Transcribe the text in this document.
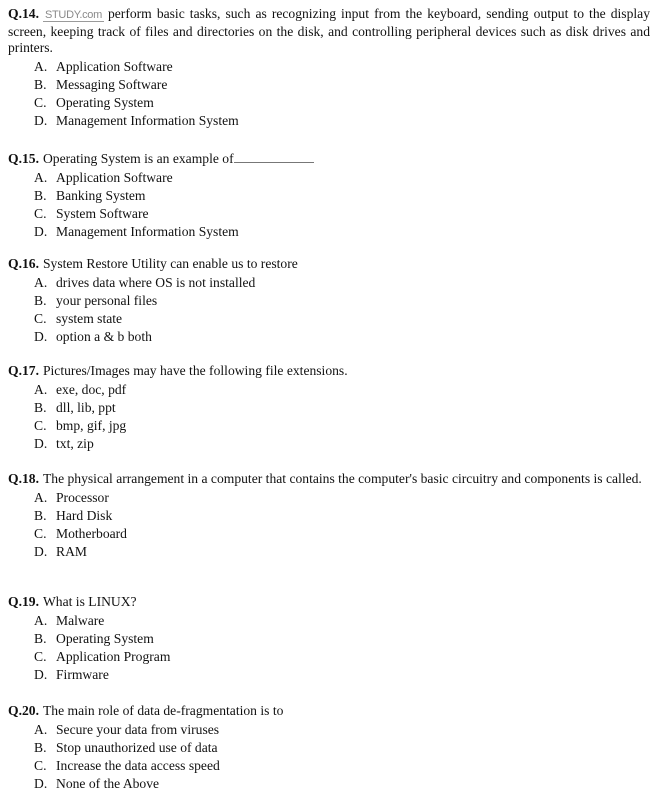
Q.14. STUDY.com perform basic tasks, such as recognizing input from the keyboard, sending output to the display screen, keeping track of files and directories on the disk, and controlling peripheral devices such as disk drives and printers.
A. Application Software
B. Messaging Software
C. Operating System
D. Management Information System
Q.15. Operating System is an example of
A. Application Software
B. Banking System
C. System Software
D. Management Information System
Q.16. System Restore Utility can enable us to restore
A. drives data where OS is not installed
B. your personal files
C. system state
D. option a & b both
Q.17. Pictures/Images may have the following file extensions.
A. exe, doc, pdf
B. dll, lib, ppt
C. bmp, gif, jpg
D. txt, zip
Q.18. The physical arrangement in a computer that contains the computer's basic circuitry and components is called.
A. Processor
B. Hard Disk
C. Motherboard
D. RAM
Q.19. What is LINUX?
A. Malware
B. Operating System
C. Application Program
D. Firmware
Q.20. The main role of data de-fragmentation is to
A. Secure your data from viruses
B. Stop unauthorized use of data
C. Increase the data access speed
D. None of the Above
